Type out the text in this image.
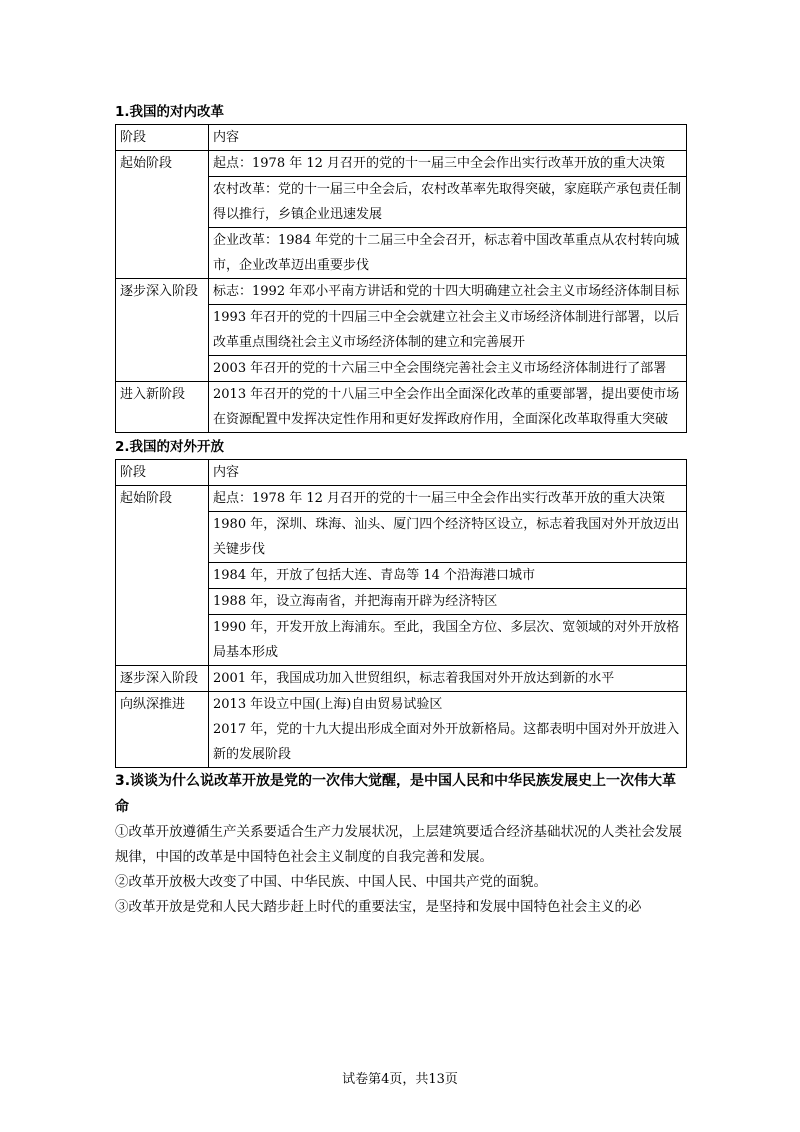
1.我国的对内改革
阶段	内容
起始阶段	起点：1978 年 12 月召开的党的十一届三中全会作出实行改革开放的重大决策
	农村改革：党的十一届三中全会后，农村改革率先取得突破，家庭联产承包责任制得以推行，乡镇企业迅速发展
	企业改革：1984 年党的十二届三中全会召开，标志着中国改革重点从农村转向城市，企业改革迈出重要步伐
逐步深入阶段	标志：1992 年邓小平南方讲话和党的十四大明确建立社会主义市场经济体制目标
	1993 年召开的党的十四届三中全会就建立社会主义市场经济体制进行部署，以后改革重点围绕社会主义市场经济体制的建立和完善展开
	2003 年召开的党的十六届三中全会围绕完善社会主义市场经济体制进行了部署
进入新阶段	2013 年召开的党的十八届三中全会作出全面深化改革的重要部署，提出要使市场在资源配置中发挥决定性作用和更好发挥政府作用，全面深化改革取得重大突破
2.我国的对外开放
阶段	内容
起始阶段	起点：1978 年 12 月召开的党的十一届三中全会作出实行改革开放的重大决策
	1980 年，深圳、珠海、汕头、厦门四个经济特区设立，标志着我国对外开放迈出关键步伐
	1984 年，开放了包括大连、青岛等 14 个沿海港口城市
	1988 年，设立海南省，并把海南开辟为经济特区
	1990 年，开发开放上海浦东。至此，我国全方位、多层次、宽领域的对外开放格局基本形成
逐步深入阶段	2001 年，我国成功加入世贸组织，标志着我国对外开放达到新的水平
向纵深推进	2013 年设立中国(上海)自由贸易试验区
2017 年，党的十九大提出形成全面对外开放新格局。这都表明中国对外开放进入新的发展阶段
3.谈谈为什么说改革开放是党的一次伟大觉醒，是中国人民和中华民族发展史上一次伟大革命

①改革开放遵循生产关系要适合生产力发展状况，上层建筑要适合经济基础状况的人类社会发展规律，中国的改革是中国特色社会主义制度的自我完善和发展。

②改革开放极大改变了中国、中华民族、中国人民、中国共产党的面貌。

③改革开放是党和人民大踏步赶上时代的重要法宝，是坚持和发展中国特色社会主义的必

试卷第4页，共13页
